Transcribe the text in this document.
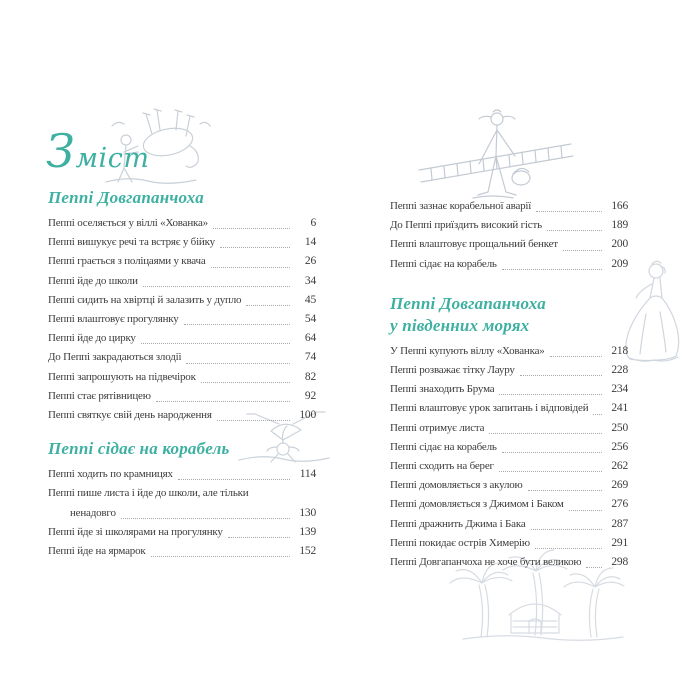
З міст
Пеппі Довгапанчоха
Пеппі оселяється у віллі «Хованка»	6
Пеппі вишукує речі та встряє у бійку	14
Пеппі грається з поліцаями у квача	26
Пеппі йде до школи	34
Пеппі сидить на хвіртці й залазить у дупло	45
Пеппі влаштовує прогулянку	54
Пеппі йде до цирку	64
До Пеппі закрадаються злодії	74
Пеппі запрошують на підвечірок	82
Пеппі стає рятівницею	92
Пеппі святкує свій день народження	100
Пеппі сідає на корабель
Пеппі ходить по крамницях	114
Пеппі пише листа і йде до школи, але тільки
ненадовго	130
Пеппі йде зі школярами на прогулянку	139
Пеппі йде на ярмарок	152
Пеппі зазнає корабельної аварії	166
До Пеппі приїздить високий гість	189
Пеппі влаштовує прощальний бенкет	200
Пеппі сідає на корабель	209
Пеппі Довгапанчоха
у південних морях
У Пеппі купують віллу «Хованка»	218
Пеппі розважає тітку Лауру	228
Пеппі знаходить Брума	234
Пеппі влаштовує урок запитань і відповідей	241
Пеппі отримує листа	250
Пеппі сідає на корабель	256
Пеппі сходить на берег	262
Пеппі домовляється з акулою	269
Пеппі домовляється з Джимом і Баком	276
Пеппі дражнить Джима і Бака	287
Пеппі покидає острів Химерію	291
Пеппі Довгапанчоха не хоче бути великою	298
